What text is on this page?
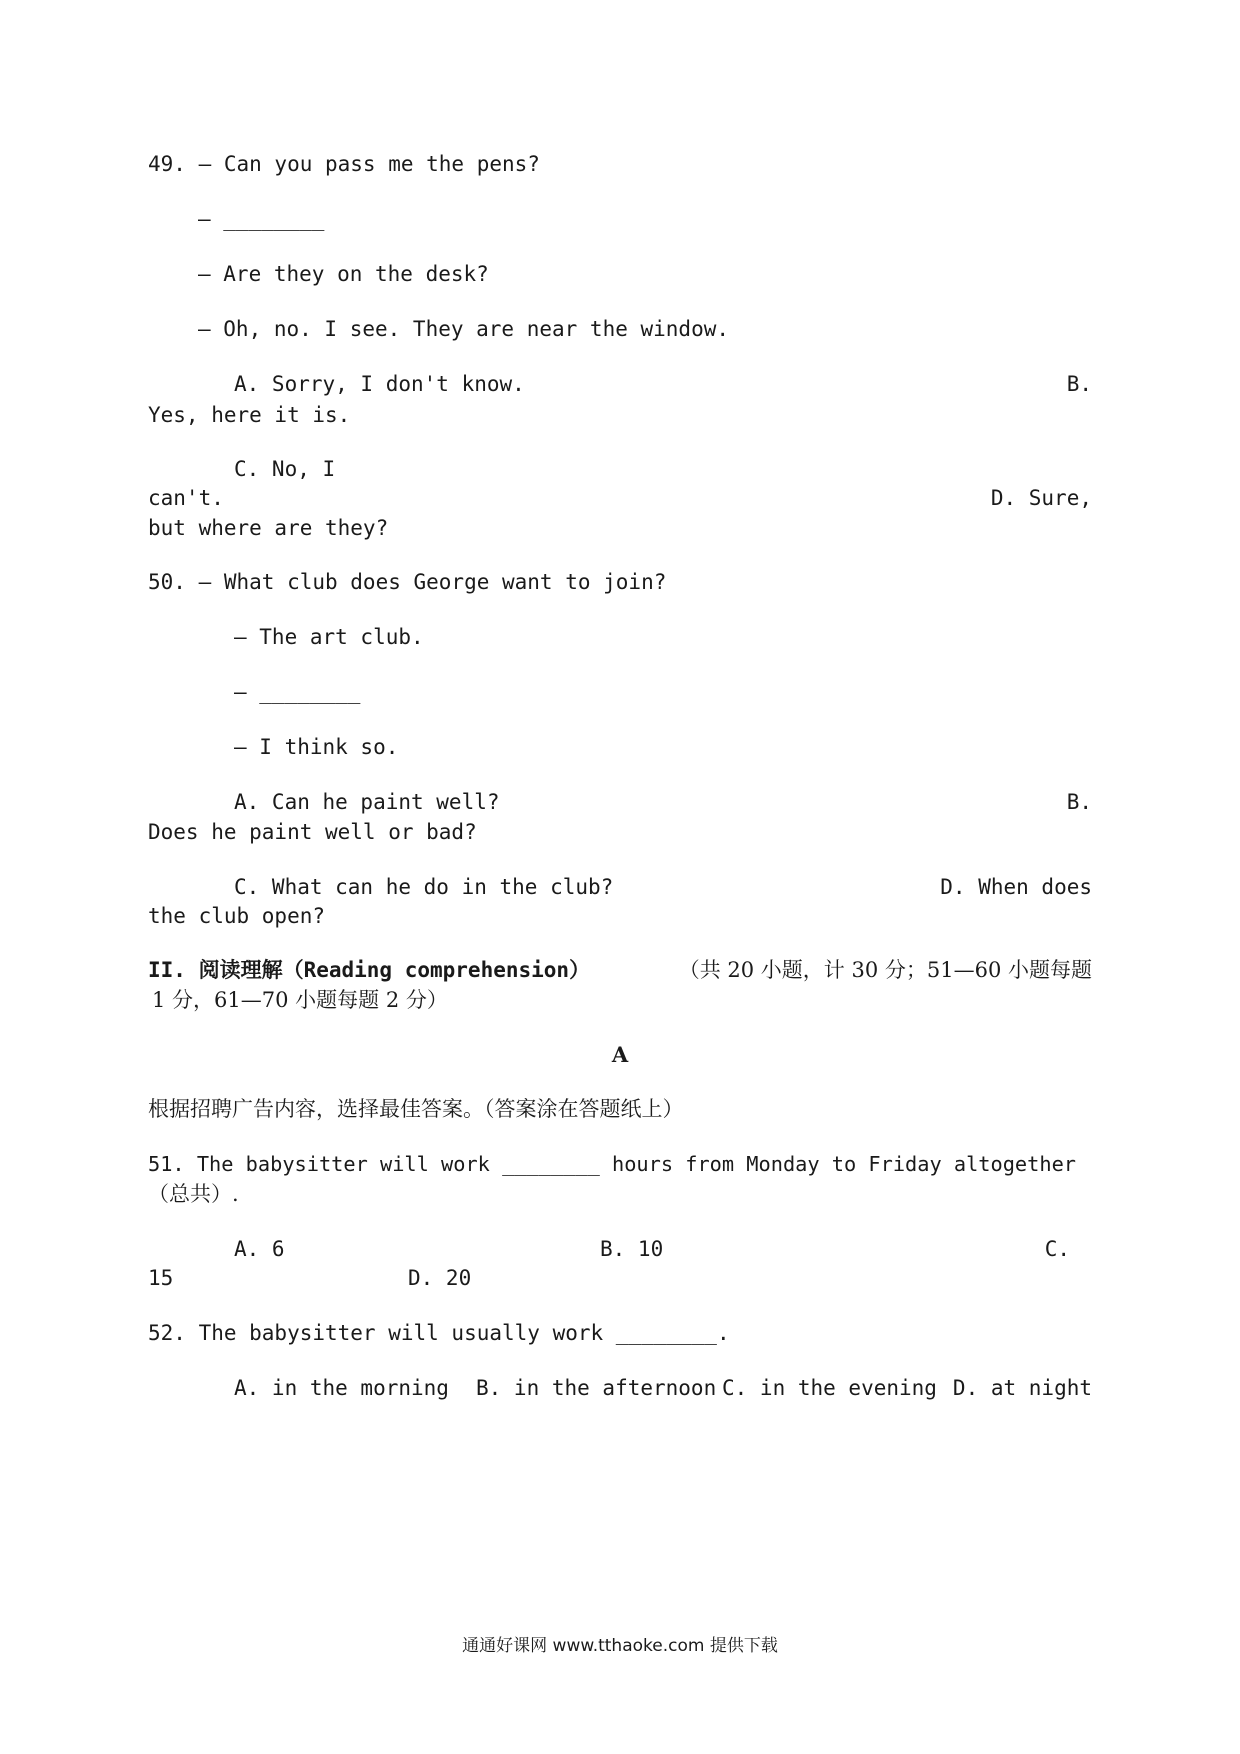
49. — Can you pass me the pens?
— ________
— Are they on the desk?
— Oh, no. I see. They are near the window.
A. Sorry, I don't know.	B.
Yes, here it is.
C. No, I
can't.	D. Sure,
but where are they?
50. — What club does George want to join?
— The art club.
— ________
— I think so.
A. Can he paint well?	B.
Does he paint well or bad?
C. What can he do in the club?	D. When does
the club open?
II. 阅读理解（Reading comprehension）	（共 20 小题，计 30 分；51—60 小题每题
1 分，61—70 小题每题 2 分）
A
根据招聘广告内容，选择最佳答案。（答案涂在答题纸上）
51. The babysitter will work ________ hours from Monday to Friday altogether
（总共）.
A. 6	B. 10	C.
15	D. 20
52. The babysitter will usually work ________.
A. in the morning B. in the afternoon C. in the evening D. at night
通通好课网 www.tthaoke.com 提供下载
